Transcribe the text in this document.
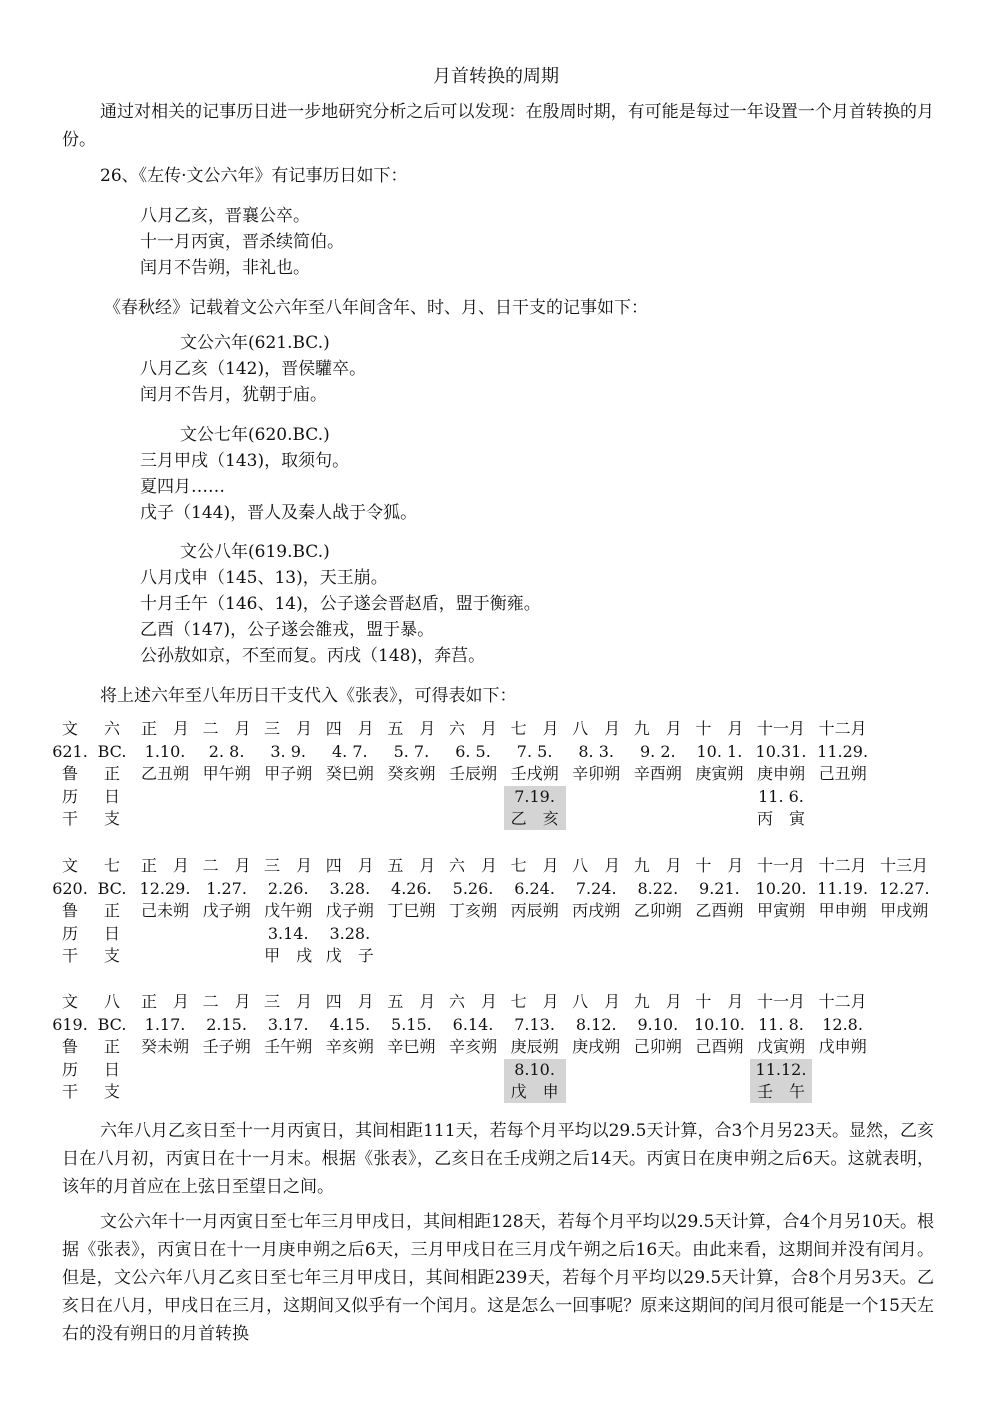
月首转换的周期
通过对相关的记事历日进一步地研究分析之后可以发现：在殷周时期，有可能是每过一年设置一个月首转换的月份。
26、《左传·文公六年》有记事历日如下：
八月乙亥，晋襄公卒。
十一月丙寅，晋杀续简伯。
闰月不告朔，非礼也。
《春秋经》记载着文公六年至八年间含年、时、月、日干支的记事如下：
文公六年(621.BC.)
八月乙亥（142)，晋侯驩卒。
闰月不告月，犹朝于庙。
文公七年(620.BC.)
三月甲戌（143)，取须句。
夏四月……
戊子（144)，晋人及秦人战于令狐。
文公八年(619.BC.)
八月戊申（145、13)，天王崩。
十月壬午（146、14)，公子遂会晋赵盾，盟于衡雍。
乙酉（147)，公子遂会雒戎，盟于暴。
公孙敖如京，不至而复。丙戌（148)，奔莒。
将上述六年至八年历日干支代入《张表》，可得表如下：
文
621.
鲁
历
干
六
BC.
正
日
支
正　月
1.10.
乙丑朔
二　月
2. 8.
甲午朔
三　月
3. 9.
甲子朔
四　月
4. 7.
癸巳朔
五　月
5. 7.
癸亥朔
六　月
6. 5.
壬辰朔
七　月
7. 5.
壬戌朔
八　月
8. 3.
辛卯朔
九　月
9. 2.
辛酉朔
十　月
10. 1.
庚寅朔
十一月
10.31.
庚申朔
十二月
11.29.
己丑朔
7.19.
乙　亥
11. 6.
丙　寅
文
620.
鲁
历
干
七
BC.
正
日
支
正　月
12.29.
己未朔
二　月
1.27.
戊子朔
三　月
2.26.
戊午朔
四　月
3.28.
戊子朔
五　月
4.26.
丁巳朔
六　月
5.26.
丁亥朔
七　月
6.24.
丙辰朔
八　月
7.24.
丙戌朔
九　月
8.22.
乙卯朔
十　月
9.21.
乙酉朔
十一月
10.20.
甲寅朔
十二月
11.19.
甲申朔
十三月
12.27.
甲戌朔
3.14.
甲　戌
3.28.
戊　子
文
619.
鲁
历
干
八
BC.
正
日
支
正　月
1.17.
癸未朔
二　月
2.15.
壬子朔
三　月
3.17.
壬午朔
四　月
4.15.
辛亥朔
五　月
5.15.
辛巳朔
六　月
6.14.
辛亥朔
七　月
7.13.
庚辰朔
八　月
8.12.
庚戌朔
九　月
9.10.
己卯朔
十　月
10.10.
己酉朔
十一月
11. 8.
戊寅朔
十二月
12.8.
戊申朔
8.10.
戊　申
11.12.
壬　午
六年八月乙亥日至十一月丙寅日，其间相距111天，若每个月平均以29.5天计算，合3个月另23天。显然，乙亥日在八月初，丙寅日在十一月末。根据《张表》，乙亥日在壬戌朔之后14天。丙寅日在庚申朔之后6天。这就表明，该年的月首应在上弦日至望日之间。
文公六年十一月丙寅日至七年三月甲戌日，其间相距128天，若每个月平均以29.5天计算，合4个月另10天。根据《张表》，丙寅日在十一月庚申朔之后6天，三月甲戌日在三月戊午朔之后16天。由此来看，这期间并没有闰月。但是，文公六年八月乙亥日至七年三月甲戌日，其间相距239天，若每个月平均以29.5天计算，合8个月另3天。乙亥日在八月，甲戌日在三月，这期间又似乎有一个闰月。这是怎么一回事呢？原来这期间的闰月很可能是一个15天左右的没有朔日的月首转换
